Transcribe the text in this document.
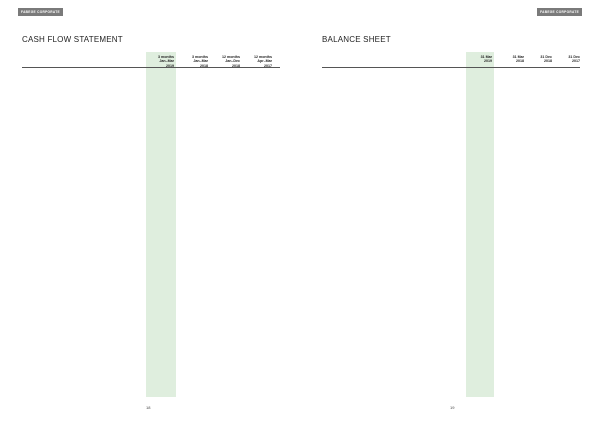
FABEGE CORPORATE
CASH FLOW STATEMENT
3 months
Jan–Mar
2019
3 months
Jan–Mar
2018
12 months
Jan–Dec
2018
12 months
Apr–Mar
2017
18
FABEGE CORPORATE
BALANCE SHEET
31 Mar
2019
31 Mar
2018
31 Dec
2018
31 Dec
2017
19
